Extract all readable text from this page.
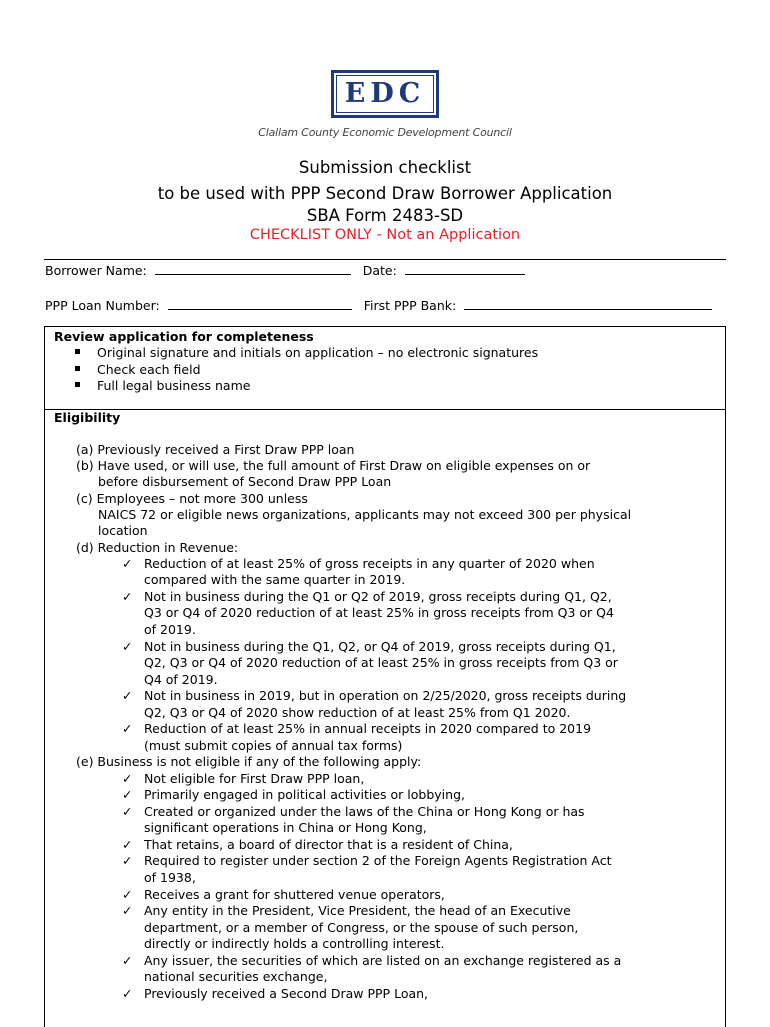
EDC
Clallam County Economic Development Council
Submission checklist
to be used with PPP Second Draw Borrower Application
SBA Form 2483-SD
CHECKLIST ONLY - Not an Application
Borrower Name:	Date:
PPP Loan Number:	First PPP Bank:
Review application for completeness
Original signature and initials on application – no electronic signatures
Check each field
Full legal business name
Eligibility
(a) Previously received a First Draw PPP loan
(b) Have used, or will use, the full amount of First Draw on eligible expenses on or
before disbursement of Second Draw PPP Loan
(c) Employees – not more 300 unless
NAICS 72 or eligible news organizations, applicants may not exceed 300 per physical
location
(d) Reduction in Revenue:
✓ Reduction of at least 25% of gross receipts in any quarter of 2020 when
compared with the same quarter in 2019.
✓ Not in business during the Q1 or Q2 of 2019, gross receipts during Q1, Q2,
Q3 or Q4 of 2020 reduction of at least 25% in gross receipts from Q3 or Q4
of 2019.
✓ Not in business during the Q1, Q2, or Q4 of 2019, gross receipts during Q1,
Q2, Q3 or Q4 of 2020 reduction of at least 25% in gross receipts from Q3 or
Q4 of 2019.
✓ Not in business in 2019, but in operation on 2/25/2020, gross receipts during
Q2, Q3 or Q4 of 2020 show reduction of at least 25% from Q1 2020.
✓ Reduction of at least 25% in annual receipts in 2020 compared to 2019
(must submit copies of annual tax forms)
(e) Business is not eligible if any of the following apply:
✓ Not eligible for First Draw PPP loan,
✓ Primarily engaged in political activities or lobbying,
✓ Created or organized under the laws of the China or Hong Kong or has
significant operations in China or Hong Kong,
✓ That retains, a board of director that is a resident of China,
✓ Required to register under section 2 of the Foreign Agents Registration Act
of 1938,
✓ Receives a grant for shuttered venue operators,
✓ Any entity in the President, Vice President, the head of an Executive
department, or a member of Congress, or the spouse of such person,
directly or indirectly holds a controlling interest.
✓ Any issuer, the securities of which are listed on an exchange registered as a
national securities exchange,
✓ Previously received a Second Draw PPP Loan,
